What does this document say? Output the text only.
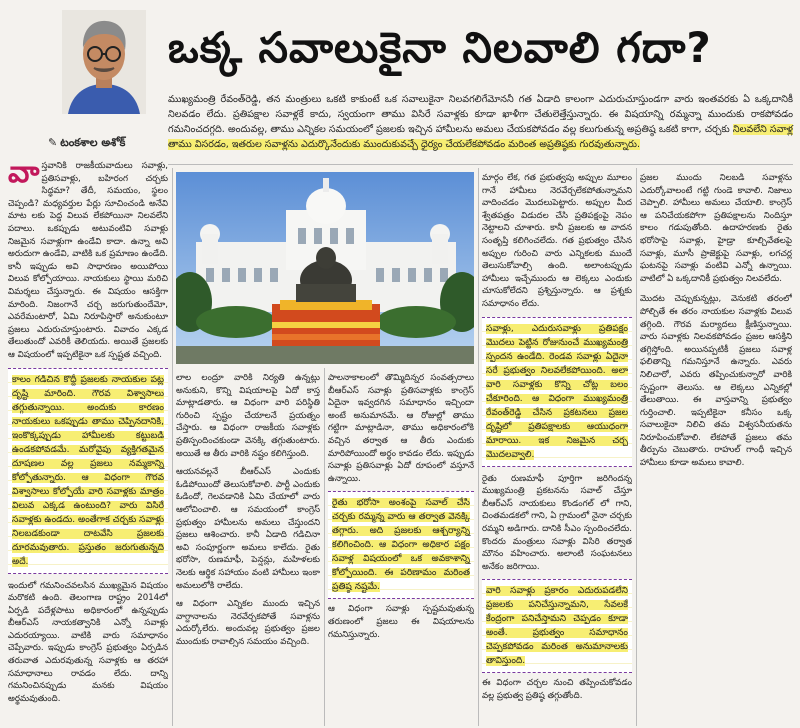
✎ టంకశాల అశోక్
ఒక్క సవాలుకైనా నిలవాలి గదా?
ముఖ్యమంత్రి రేవంత్‌రెడ్డి, తన మంత్రులు ఒకటి కాకుంటే ఒక సవాలుకైనా నిలవగలిగేమోననీ గత ఏడాది కాలంగా ఎదురుచూస్తుండగా వారు ఇంతవరకు ఏ ఒక్కదానికీ నిలవడం లేదు. ప్రతిపక్షాల సవాళ్లకే కాదు, స్వయంగా తాము విసిరే సవాళ్లకు కూడా ఖాళీగా చేతులెత్తేస్తున్నారు. ఈ విషయాన్ని రమ్మన్నా ముందుకు రాకపోవడం గమనించదగ్గది. అందువల్ల, తాము ఎన్నికల సమయంలో ప్రజలకు ఇచ్చిన హామీలను అమలు చేయకపోవడం వల్ల కలుగుతున్న అప్రతిష్ఠ ఒకటి కాగా, చర్చకు నిలవలేని సవాళ్ల తాము విసరడం, ఇతరుల సవాళ్లను ఎదుర్కొనేందుకు ముందుకువచ్చే ధైర్యం చేయలేకపోవడం మరింత అప్రతిష్ఠకు గురవుతున్నారు.

వాస్తవానికి రాజకీయవాదులు సవాళ్లు, ప్రతిసవాళ్లు, బహిరంగ చర్చకు సిద్ధమా? తేదీ, సమయం, స్థలం చెప్పండి? మధ్యవర్తుల పేర్లు సూచించండి అనేవి మాట లకు పెద్ద విలువ లేకపోయినా నిలవలేని పదాలు. ఒకప్పుడు అటువంటివి సవాళ్లు నిజమైన సవాళ్లుగా ఉండేవి కాదా. ఉన్నా అవి అరుదుగా ఉండేవి, వాటికి ఒక ప్రమాణం ఉండేది. కానీ ఇప్పుడు అవి సాధారణం అయిపోయి విలువ కోల్పోయాయి. నాయకులు స్థాయి మరిచి విమర్శలు చేస్తున్నారు. ఈ విషయం ఆసక్తిగా మారింది. నిజంగానే చర్చ జరుగుతుందేమో, ఎవరేమంటారో, ఏమి నిరూపిస్తారో అనుకుంటూ ప్రజలు ఎదురుచూస్తుంటారు. వివాదం ఎక్కడ తేలుతుందో ఎవరికీ తెలియదు. అయితే ప్రజలకు ఆ విషయంలో ఇప్పటికైనా ఒక స్పష్టత వచ్చింది.

కాలం గడిచిన కొద్దీ ప్రజలకు నాయకుల పట్ల దృష్టి మారింది. గౌరవ విశ్వాసాలు తగ్గుతున్నాయి. అందుకు కారణం నాయకులు ఒకప్పుడు తాము చెప్పినదానికి, ఇంకొక్కప్పుడు హామీలకు కట్టుబడి ఉండకపోవడమే. మరోవైపు వ్యక్తిగతమైన దూషణల వల్ల ప్రజలు నమ్మకాన్ని కోల్పోతున్నారు. ఆ విధంగా గౌరవ విశ్వాసాలు కోల్పోయే వారి సవాళ్లకు మాత్రం విలువ ఎక్కడ ఉంటుంది? వారు విసిరే సవాళ్లకు ఉండదు. అంతేగాక చర్చకు సవాళ్లు నిలబడకుండా దాటవేసి ప్రజలకు దూరమవుతారు. ప్రస్తుతం జరుగుతున్నది అదే.

ఇందులో గమనించవలసిన ముఖ్యమైన విషయం మరొకటి ఉంది. తెలంగాణ రాష్ట్రం 2014లో ఏర్పడి పదేళ్లపాటు అధికారంలో ఉన్నప్పుడు బీఆర్‌ఎస్ నాయకత్వానికి ఎన్నో సవాళ్లు ఎదురయ్యాయి. వాటికి వారు సమాధానం చెప్పేవారు. ఇప్పుడు కాంగ్రెస్ ప్రభుత్వం ఏర్పడిన తరువాత ఎదురవుతున్న సవాళ్లకు ఆ తరహా సమాధానాలు రావడం లేదు. దాన్ని గమనించినప్పుడు మనకు విషయం అర్థమవుతుంది.

లాల లంద్రూ వారికి నిర్యతి ఉన్నట్లు అనుకుని, కొన్ని విషయాలపై ఏదో కాస్త మాట్లాడతారు. ఆ విధంగా వారి పరిస్థితి గురించి స్పష్టం చేయాలనే ప్రయత్నం చేస్తారు. ఆ విధంగా రాజకీయ సవాళ్లకు ప్రతిస్పందించకుండా వెనక్కి తగ్గుతుంటారు. అయితే ఆ తీరు వారికి నష్టం కలిగిస్తుంది.

ఆయనవల్లనే బీఆర్‌ఎస్ ఎందుకు ఓడిపోయిందో తెలుసుకోవాలి. పార్టీ ఎందుకు ఓడిందో, గెలవడానికి ఏమి చేయాలో వారు ఆలోచించాలి. ఆ సమయంలో కాంగ్రెస్ ప్రభుత్వం హామీలను అమలు చేస్తుందని ప్రజలు ఆశించారు. కానీ ఏడాది గడిచినా అవి సంపూర్ణంగా అమలు కాలేదు. రైతు భరోసా, రుణమాఫీ, పెన్షన్లు, మహిళలకు నెలకు ఆర్థిక సహాయం వంటి హామీలు ఇంకా అమలులోకి రాలేదు.

ఆ విధంగా ఎన్నికల ముందు ఇచ్చిన వాగ్దానాలను నెరవేర్చకపోతే సవాళ్లను ఎదుర్కోలేరు. అందువల్ల ప్రభుత్వం ప్రజల ముందుకు రావాల్సిన సమయం వచ్చింది.

పాలనాకాలంలో తొమ్మిదిన్నర సంవత్సరాలు బీఆర్‌ఎస్ సవాళ్లు ప్రతిసవాళ్లకు కాంగ్రెస్ ఏదైనా ఇవ్వదగిన సమాధానం ఇచ్చిందా అంటే అనుమానమే. ఆ రోజుల్లో తాము గట్టిగా మాట్లాడినా, తాము అధికారంలోకి వచ్చిన తర్వాత ఆ తీరు ఎందుకు మారిపోయిందో అర్థం కావడం లేదు. ఇప్పుడు సవాళ్లు ప్రతిసవాళ్లు ఏదో రూపంలో వస్తూనే ఉన్నాయి.

రైతు భరోసా అంశంపై సవాల్ చేసి చర్చకు రమ్మన్న వారు ఆ తర్వాత వెనక్కి తగ్గారు. అది ప్రజలకు ఆశ్చర్యాన్ని కలిగించింది. ఆ విధంగా అధికార పక్షం సవాళ్ల విషయంలో ఒక అవకాశాన్ని కోల్పోయింది. ఈ పరిణామం మరింత ప్రతిష్ఠ నష్టమే.

ఆ విధంగా సవాళ్లు స్పష్టమవుతున్న తరుణంలో ప్రజలు ఈ విషయాలను గమనిస్తున్నారు.

మార్గం లేక, గత ప్రభుత్వపు అప్పుల మూలం గానే హామీలు నెరవేర్చలేకపోతున్నామని వాదించడం మొదలుపెట్టారు. అప్పుల మీద శ్వేతపత్రం విడుదల చేసి ప్రతిపక్షంపై నెపం నెట్టాలని చూశారు. కానీ ప్రజలకు ఆ వాదన సంతృప్తి కలిగించలేదు. గత ప్రభుత్వం చేసిన అప్పుల గురించి వారు ఎన్నికలకు ముందే తెలుసుకోవాల్సి ఉంది. అలాంటప్పుడు హామీలు ఇచ్చేముందు ఆ లెక్కలు ఎందుకు చూసుకోలేదని ప్రశ్నిస్తున్నారు. ఆ ప్రశ్నకు సమాధానం లేదు.

సవాళ్లు, ఎదురుసవాళ్లు ప్రతిపక్షం మొదలు పెట్టిన రోజునుంచే ముఖ్యమంత్రి స్పందన ఉండేది. రెండవ సవాళ్లు ఏదైనా సరే ప్రభుత్వం నిలవలేకపోయింది. అలా వారి సవాళ్లకు కొన్ని చోట్ల బలం చేకూరింది. ఆ విధంగా ముఖ్యమంత్రి రేవంత్‌రెడ్డి చేసిన ప్రకటనలు ప్రజల దృష్టిలో ప్రతిపక్షాలకు ఆయుధంగా మారాయి. ఇక నిజమైన చర్చ మొదలవ్వాలి.

రైతు రుణమాఫీ పూర్తిగా జరిగిందన్న ముఖ్యమంత్రి ప్రకటనను సవాల్ చేస్తూ బీఆర్‌ఎస్ నాయకులు కొండంగల్ లో గాని, చింతమడకలో గాని, ఏ గ్రామంలో నైనా చర్చకు రమ్మని అడిగారు. దానికి సీఎం స్పందించలేదు. కొందరు మంత్రులు సవాళ్లు విసిరి తర్వాత మౌనం వహించారు. అలాంటి సంఘటనలు అనేకం జరిగాయి.

వారి సవాళ్లు ప్రకారం ఎదురుపడలేని ప్రజలకు పనిచేస్తున్నామని, సేవలకే కేంద్రంగా పనిచేస్తామని చెప్పడం కూడా అంతే. ప్రభుత్వం సమాధానం చెప్పకపోవడం మరింత అనుమానాలకు తావిస్తుంది.

ఈ విధంగా చర్చల నుంచి తప్పించుకోవడం వల్ల ప్రభుత్వ ప్రతిష్ఠ తగ్గుతోంది.

ప్రజల ముందు నిలబడి సవాళ్లను ఎదుర్కోవాలంటే గట్టి గుండె కావాలి. నిజాలు చెప్పాలి. హామీలు అమలు చేయాలి. కాంగ్రెస్ ఆ పనిచేయకపోగా ప్రతిపక్షాలను నిందిస్తూ కాలం గడుపుతోంది. ఉదాహరణకు రైతు భరోసాపై సవాళ్లు, హైడ్రా కూల్చివేతలపై సవాళ్లు, మూసీ ప్రాజెక్టుపై సవాళ్లు, లగచర్ల ఘటనపై సవాళ్లు వంటివి ఎన్నో ఉన్నాయి. వాటిలో ఏ ఒక్కదానికీ ప్రభుత్వం నిలవలేదు.

మొదట చెప్పుకున్నట్లు, వెనుకటి తరంలో పోల్చితే ఈ తరం నాయకుల సవాళ్లకు విలువ తగ్గింది. గౌరవ మర్యాదలు క్షీణిస్తున్నాయి. వారు సవాళ్లకు నిలవకపోవడం ప్రజల ఆసక్తిని తగ్గిస్తోంది. అయినప్పటికీ ప్రజలు సవాళ్ల ఫలితాన్ని గమనిస్తూనే ఉన్నారు. ఎవరు నిలిచారో, ఎవరు తప్పించుకున్నారో వారికి స్పష్టంగా తెలుసు. ఆ లెక్కలు ఎన్నికల్లో తేలుతాయి. ఈ వాస్తవాన్ని ప్రభుత్వం గుర్తించాలి. ఇప్పటికైనా కనీసం ఒక్క సవాలుకైనా నిలిచి తమ విశ్వసనీయతను నిరూపించుకోవాలి. లేకపోతే ప్రజలు తమ తీర్పును చెబుతారు. రాహుల్ గాంధీ ఇచ్చిన హామీలు కూడా అమలు కావాలి.
